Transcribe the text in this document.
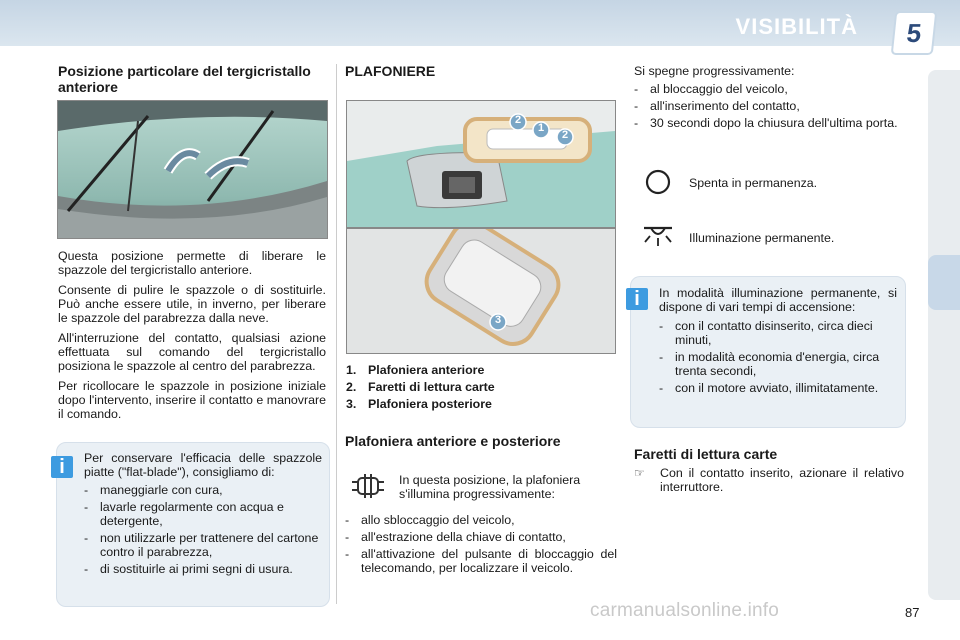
VISIBILITÀ	5
Posizione particolare del tergicristallo anteriore

Questa posizione permette di liberare le spazzole del tergicristallo anteriore.

Consente di pulire le spazzole o di sostituirle. Può anche essere utile, in inverno, per liberare le spazzole del parabrezza dalla neve.

All'interruzione del contatto, qualsiasi azione effettuata sul comando del tergicristallo posiziona le spazzole al centro del parabrezza.

Per ricollocare le spazzole in posizione iniziale dopo l'intervento, inserire il contatto e manovrare il comando.

i	Per conservare l'efficacia delle spazzole piatte ("flat-blade"), consigliamo di:

- maneggiarle con cura,
- lavarle regolarmente con acqua e detergente,
- non utilizzarle per trattenere del cartone contro il parabrezza,
- di sostituirle ai primi segni di usura.
PLAFONIERE
2
1
2
3
1. Plafoniera anteriore
2. Faretti di lettura carte
3. Plafoniera posteriore
Plafoniera anteriore e posteriore

In questa posizione, la plafoniera s'illumina progressivamente:

- allo sbloccaggio del veicolo,
- all'estrazione della chiave di contatto,
- all'attivazione del pulsante di bloccaggio del telecomando, per localizzare il veicolo.

Si spegne progressivamente:

- al bloccaggio del veicolo,
- all'inserimento del contatto,
- 30 secondi dopo la chiusura dell'ultima porta.

Spenta in permanenza.

Illuminazione permanente.

i	In modalità illuminazione permanente, si dispone di vari tempi di accensione:

- con il contatto disinserito, circa dieci minuti,
- in modalità economia d'energia, circa trenta secondi,
- con il motore avviato, illimitatamente.
Faretti di lettura carte
☞	Con il contatto inserito, azionare il relativo interruttore.

carmanualsonline.info	87
